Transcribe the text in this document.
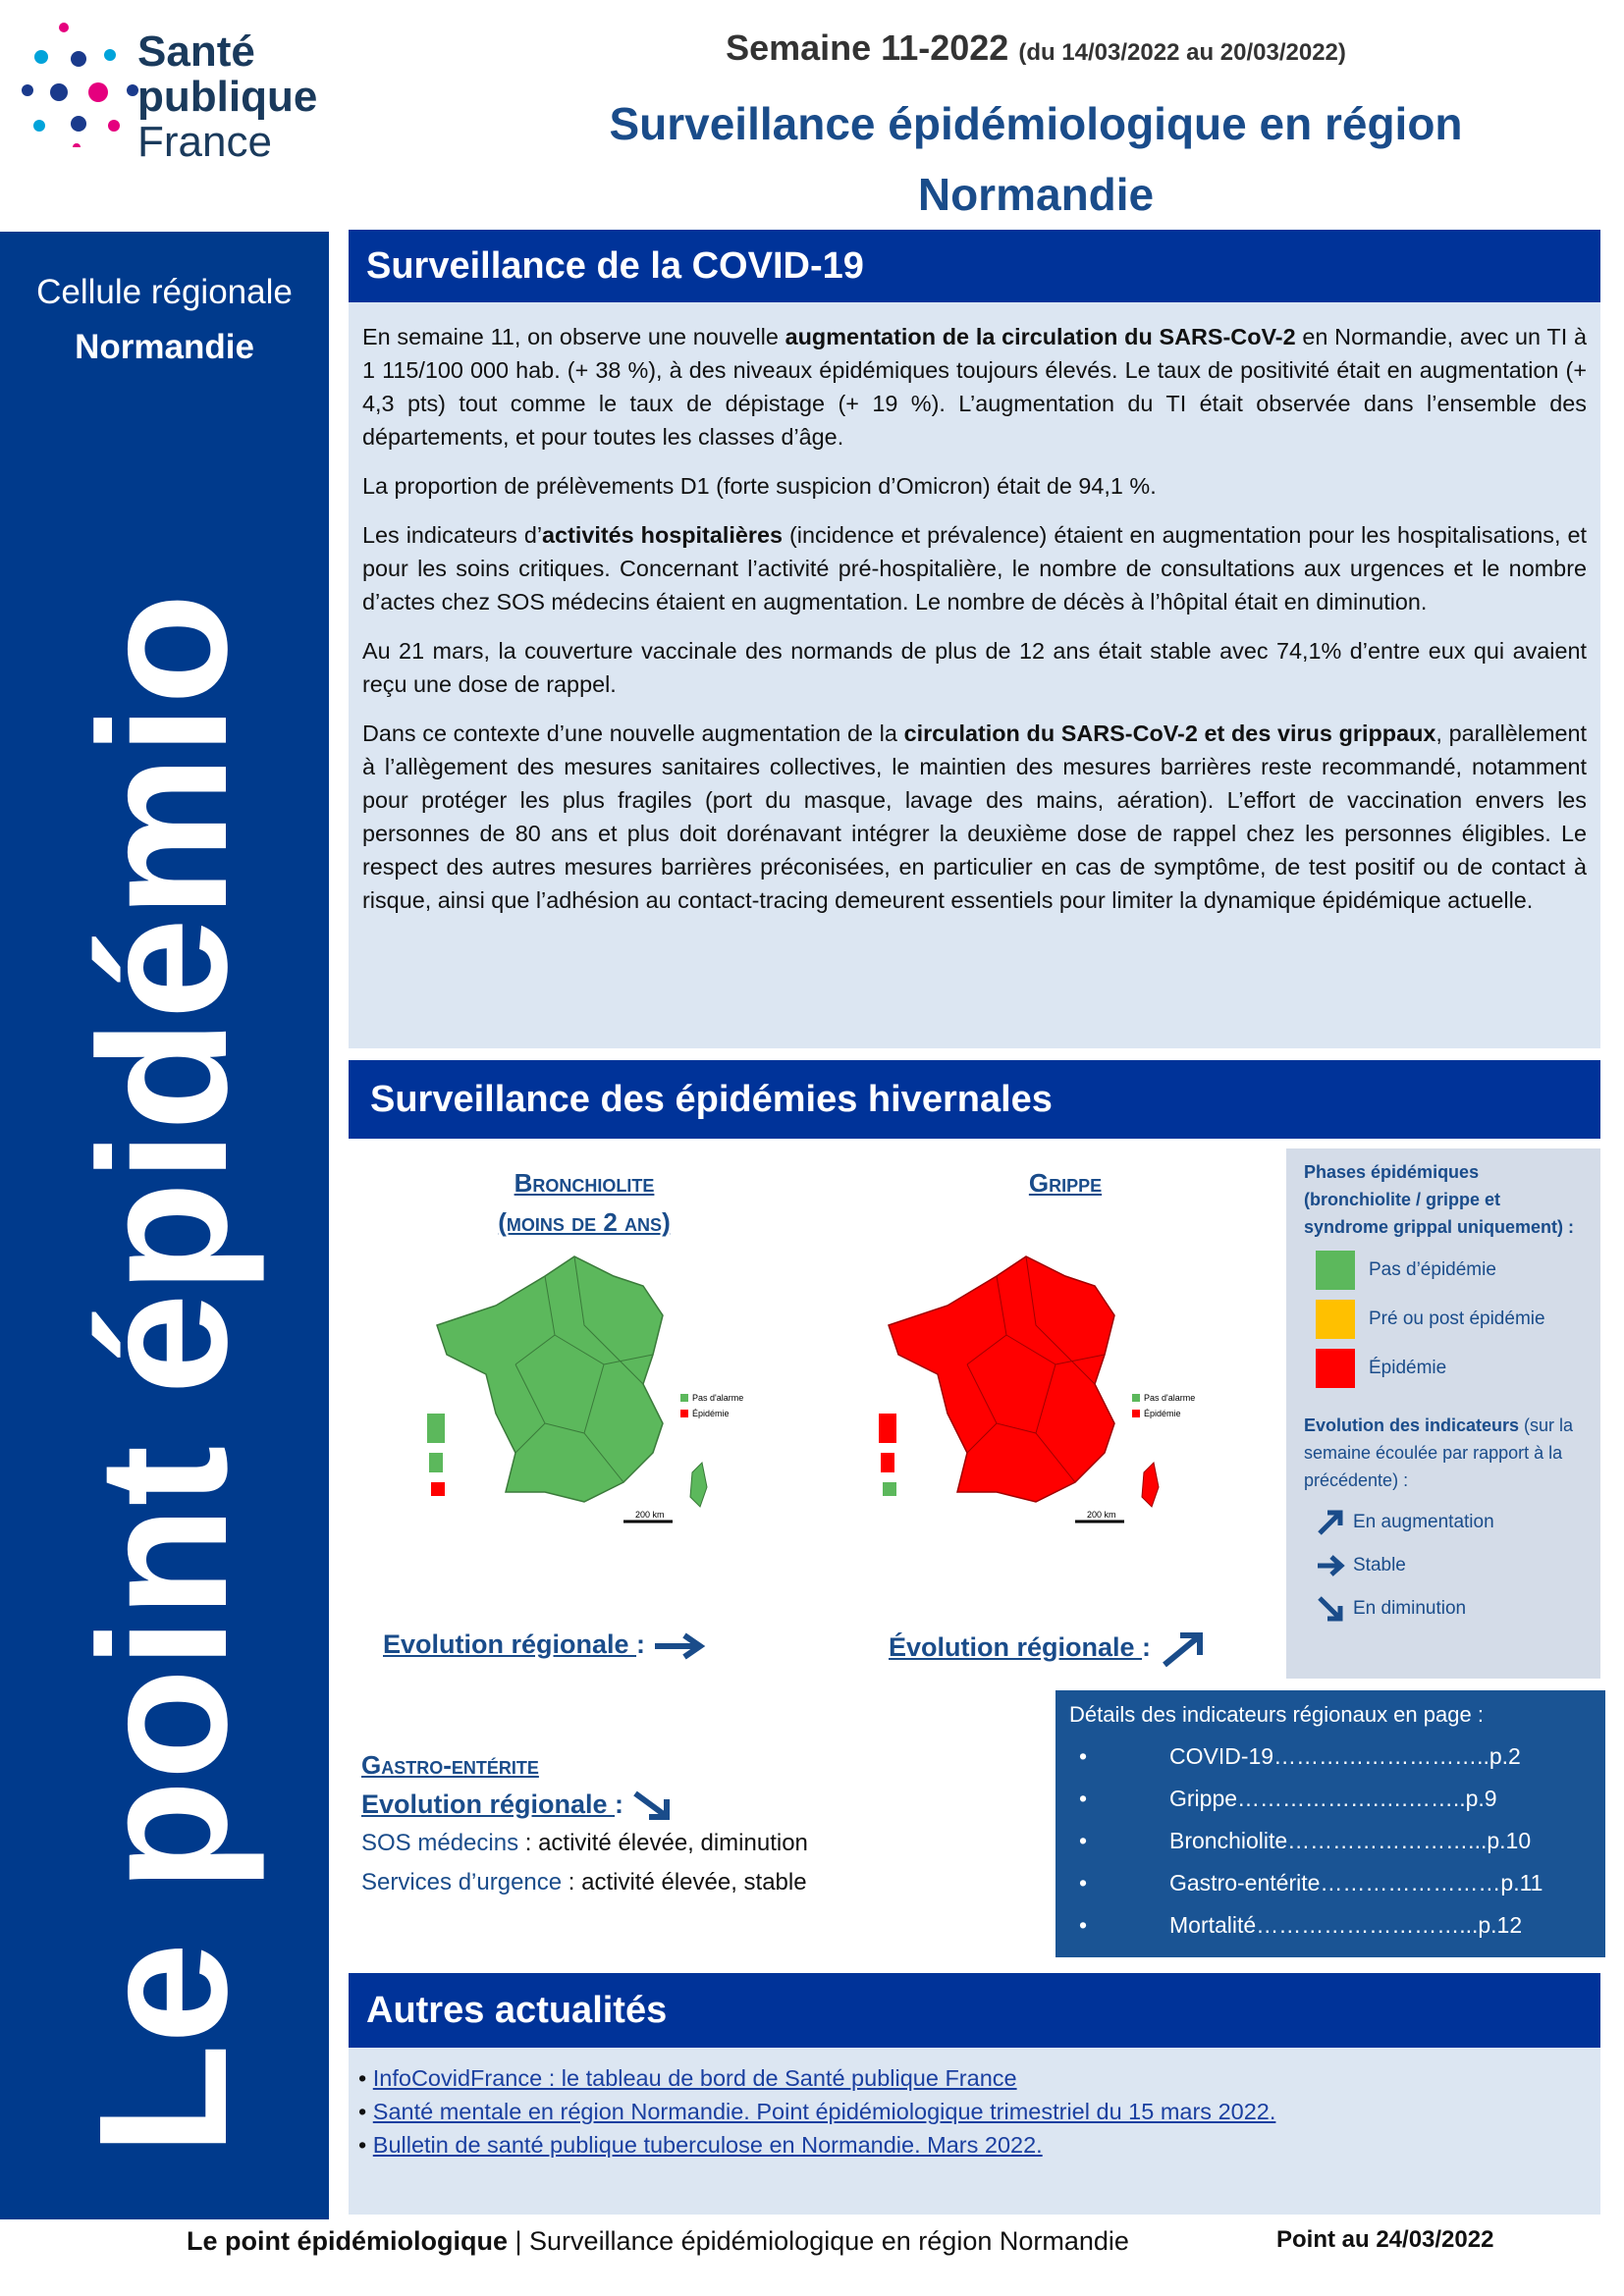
Santé
publique
France
Semaine 11-2022 (du 14/03/2022 au 20/03/2022)
Surveillance épidémiologique en région
Normandie
Cellule régionale
Normandie
Le point épidémio
Surveillance de la COVID-19

En semaine 11, on observe une nouvelle augmentation de la circulation du SARS-CoV-2 en Normandie, avec un TI à 1 115/100 000 hab. (+ 38 %), à des niveaux épidémiques toujours élevés. Le taux de positivité était en augmentation (+ 4,3 pts) tout comme le taux de dépistage (+ 19 %). L’augmentation du TI était observée dans l’ensemble des départements, et pour toutes les classes d’âge.

La proportion de prélèvements D1 (forte suspicion d’Omicron) était de 94,1 %.

Les indicateurs d’activités hospitalières (incidence et prévalence) étaient en augmentation pour les hospitalisations, et pour les soins critiques. Concernant l’activité pré-hospitalière, le nombre de consultations aux urgences et le nombre d’actes chez SOS médecins étaient en augmentation. Le nombre de décès à l’hôpital était en diminution.

Au 21 mars, la couverture vaccinale des normands de plus de 12 ans était stable avec 74,1% d’entre eux qui avaient reçu une dose de rappel.

Dans ce contexte d’une nouvelle augmentation de la circulation du SARS-CoV-2 et des virus grippaux, parallèlement à l’allègement des mesures sanitaires collectives, le maintien des mesures barrières reste recommandé, notamment pour protéger les plus fragiles (port du masque, lavage des mains, aération). L’effort de vaccination envers les personnes de 80 ans et plus doit dorénavant intégrer la deuxième dose de rappel chez les personnes éligibles. Le respect des autres mesures barrières préconisées, en particulier en cas de symptôme, de test positif ou de contact à risque, ainsi que l’adhésion au contact-tracing demeurent essentiels pour limiter la dynamique épidémique actuelle.

Surveillance des épidémies hivernales
Bronchiolite
(moins de 2 ans)
Grippe
Pas d'alarme
Épidémie
200 km
Pas d'alarme
Épidémie
200 km
Evolution régionale :	Évolution régionale :
Phases épidémiques (bronchiolite / grippe et syndrome grippal uniquement) :
Pas d’épidémie
Pré ou post épidémie
Épidémie
Evolution des indicateurs (sur la semaine écoulée par rapport à la précédente) :
En augmentation
Stable
En diminution
Gastro-entérite
Evolution régionale :
SOS médecins : activité élevée, diminution
Services d’urgence : activité élevée, stable
Détails des indicateurs régionaux en page :
•	COVID-19………………………..p.2
•	Grippe……………….….……..p.9
•	Bronchiolite……………………...p.10
•	Gastro-entérite……………………p.11
•	Mortalité………………………...p.12
Autres actualités
• InfoCovidFrance : le tableau de bord de Santé publique France
• Santé mentale en région Normandie. Point épidémiologique trimestriel du 15 mars 2022.
• Bulletin de santé publique tuberculose en Normandie. Mars 2022.
Le point épidémiologique | Surveillance épidémiologique en région Normandie	Point au 24/03/2022
